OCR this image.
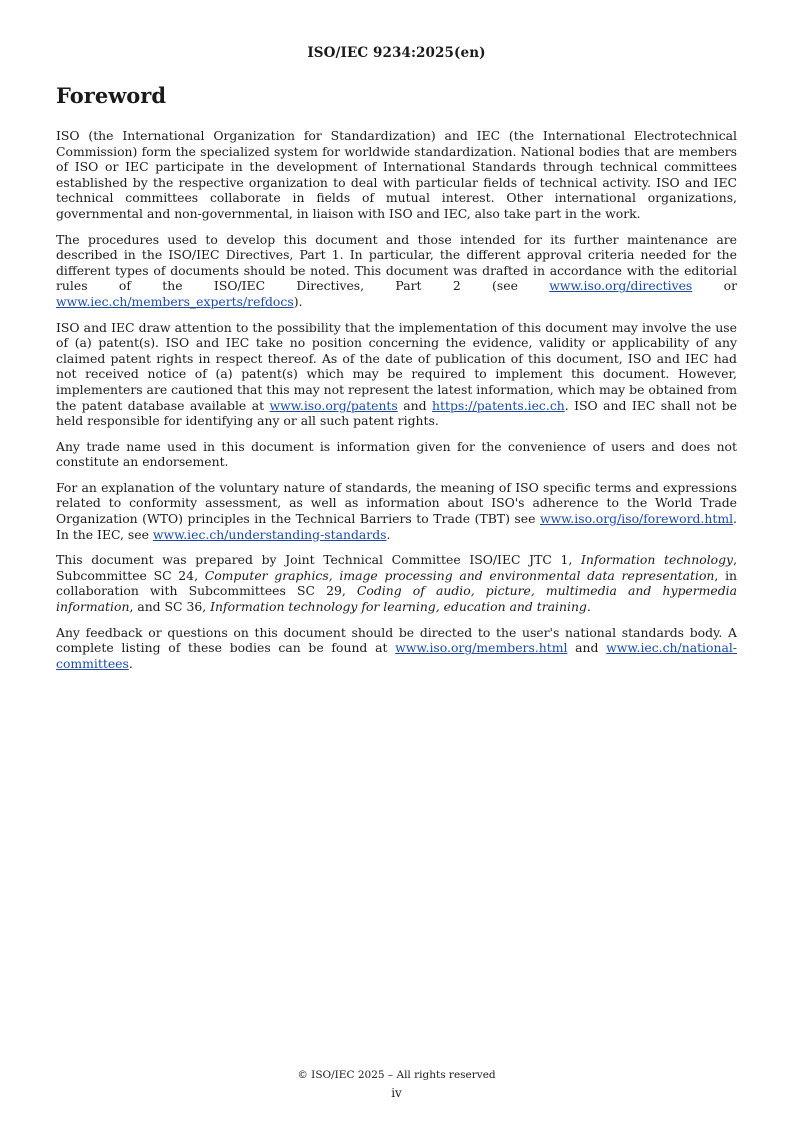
ISO/IEC 9234:2025(en)
Foreword

ISO (the International Organization for Standardization) and IEC (the International Electrotechnical Commission) form the specialized system for worldwide standardization. National bodies that are members of ISO or IEC participate in the development of International Standards through technical committees established by the respective organization to deal with particular fields of technical activity. ISO and IEC technical committees collaborate in fields of mutual interest. Other international organizations, governmental and non-governmental, in liaison with ISO and IEC, also take part in the work.

The procedures used to develop this document and those intended for its further maintenance are described in the ISO/IEC Directives, Part 1. In particular, the different approval criteria needed for the different types of documents should be noted. This document was drafted in accordance with the editorial rules of the ISO/IEC Directives, Part 2 (see www.iso.org/directives or www.iec.ch/members_experts/refdocs).

ISO and IEC draw attention to the possibility that the implementation of this document may involve the use of (a) patent(s). ISO and IEC take no position concerning the evidence, validity or applicability of any claimed patent rights in respect thereof. As of the date of publication of this document, ISO and IEC had not received notice of (a) patent(s) which may be required to implement this document. However, implementers are cautioned that this may not represent the latest information, which may be obtained from the patent database available at www.iso.org/patents and https://patents.iec.ch. ISO and IEC shall not be held responsible for identifying any or all such patent rights.

Any trade name used in this document is information given for the convenience of users and does not constitute an endorsement.

For an explanation of the voluntary nature of standards, the meaning of ISO specific terms and expressions related to conformity assessment, as well as information about ISO's adherence to the World Trade Organization (WTO) principles in the Technical Barriers to Trade (TBT) see www.iso.org/iso/foreword.html. In the IEC, see www.iec.ch/understanding-standards.

This document was prepared by Joint Technical Committee ISO/IEC JTC 1, Information technology, Subcommittee SC 24, Computer graphics, image processing and environmental data representation, in collaboration with Subcommittees SC 29, Coding of audio, picture, multimedia and hypermedia information, and SC 36, Information technology for learning, education and training.

Any feedback or questions on this document should be directed to the user's national standards body. A complete listing of these bodies can be found at www.iso.org/members.html and www.iec.ch/national-committees.

© ISO/IEC 2025 – All rights reserved
iv
